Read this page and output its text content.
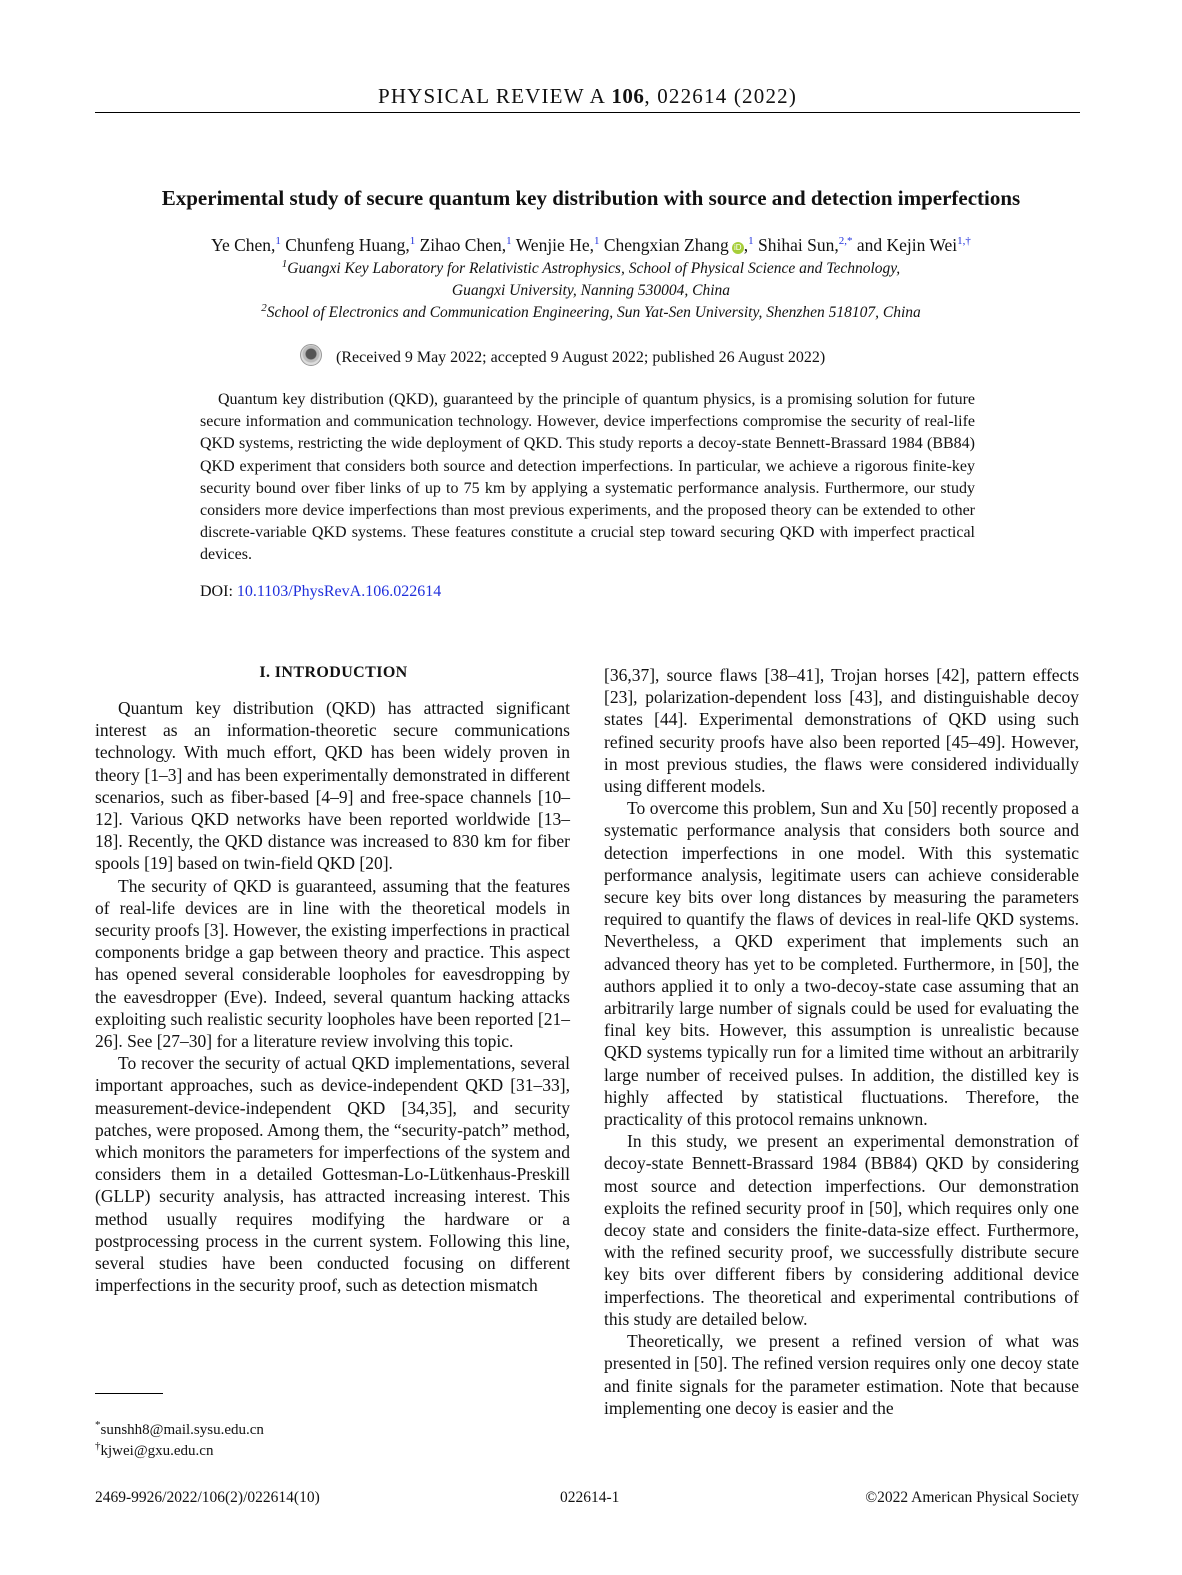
PHYSICAL REVIEW A 106, 022614 (2022)
Experimental study of secure quantum key distribution with source and detection imperfections
Ye Chen,$^1$ Chunfeng Huang,$^1$ Zihao Chen,$^1$ Wenjie He,$^1$ Chengxian Zhang iD ,$^1$ Shihai Sun,$^{2,*}$ and Kejin Wei$^{1,\dagger}$
$^1$Guangxi Key Laboratory for Relativistic Astrophysics, School of Physical Science and Technology,
Guangxi University, Nanning 530004, China
$^2$School of Electronics and Communication Engineering, Sun Yat-Sen University, Shenzhen 518107, China
(Received 9 May 2022; accepted 9 August 2022; published 26 August 2022)

Quantum key distribution (QKD), guaranteed by the principle of quantum physics, is a promising solution for future secure information and communication technology. However, device imperfections compromise the security of real-life QKD systems, restricting the wide deployment of QKD. This study reports a decoy-state Bennett-Brassard 1984 (BB84) QKD experiment that considers both source and detection imperfections. In particular, we achieve a rigorous finite-key security bound over fiber links of up to 75 km by applying a systematic performance analysis. Furthermore, our study considers more device imperfections than most previous experiments, and the proposed theory can be extended to other discrete-variable QKD systems. These features constitute a crucial step toward securing QKD with imperfect practical devices.

DOI: 10.1103/PhysRevA.106.022614
I. INTRODUCTION

Quantum key distribution (QKD) has attracted significant interest as an information-theoretic secure communications technology. With much effort, QKD has been widely proven in theory [1–3] and has been experimentally demonstrated in different scenarios, such as fiber-based [4–9] and free-space channels [10–12]. Various QKD networks have been reported worldwide [13–18]. Recently, the QKD distance was increased to 830 km for fiber spools [19] based on twin-field QKD [20].

The security of QKD is guaranteed, assuming that the features of real-life devices are in line with the theoretical models in security proofs [3]. However, the existing imperfections in practical components bridge a gap between theory and practice. This aspect has opened several considerable loopholes for eavesdropping by the eavesdropper (Eve). Indeed, several quantum hacking attacks exploiting such realistic security loopholes have been reported [21–26]. See [27–30] for a literature review involving this topic.

To recover the security of actual QKD implementations, several important approaches, such as device-independent QKD [31–33], measurement-device-independent QKD [34,35], and security patches, were proposed. Among them, the “security-patch” method, which monitors the parameters for imperfections of the system and considers them in a detailed Gottesman-Lo-Lütkenhaus-Preskill (GLLP) security analysis, has attracted increasing interest. This method usually requires modifying the hardware or a postprocessing process in the current system. Following this line, several studies have been conducted focusing on different imperfections in the security proof, such as detection mismatch

[36,37], source flaws [38–41], Trojan horses [42], pattern effects [23], polarization-dependent loss [43], and distinguishable decoy states [44]. Experimental demonstrations of QKD using such refined security proofs have also been reported [45–49]. However, in most previous studies, the flaws were considered individually using different models.

To overcome this problem, Sun and Xu [50] recently proposed a systematic performance analysis that considers both source and detection imperfections in one model. With this systematic performance analysis, legitimate users can achieve considerable secure key bits over long distances by measuring the parameters required to quantify the flaws of devices in real-life QKD systems. Nevertheless, a QKD experiment that implements such an advanced theory has yet to be completed. Furthermore, in [50], the authors applied it to only a two-decoy-state case assuming that an arbitrarily large number of signals could be used for evaluating the final key bits. However, this assumption is unrealistic because QKD systems typically run for a limited time without an arbitrarily large number of received pulses. In addition, the distilled key is highly affected by statistical fluctuations. Therefore, the practicality of this protocol remains unknown.

In this study, we present an experimental demonstration of decoy-state Bennett-Brassard 1984 (BB84) QKD by considering most source and detection imperfections. Our demonstration exploits the refined security proof in [50], which requires only one decoy state and considers the finite-data-size effect. Furthermore, with the refined security proof, we successfully distribute secure key bits over different fibers by considering additional device imperfections. The theoretical and experimental contributions of this study are detailed below.

Theoretically, we present a refined version of what was presented in [50]. The refined version requires only one decoy state and finite signals for the parameter estimation. Note that because implementing one decoy is easier and the

*sunshh8@mail.sysu.edu.cn
†kjwei@gxu.edu.cn
2469-9926/2022/106(2)/022614(10)	022614-1	©2022 American Physical Society
